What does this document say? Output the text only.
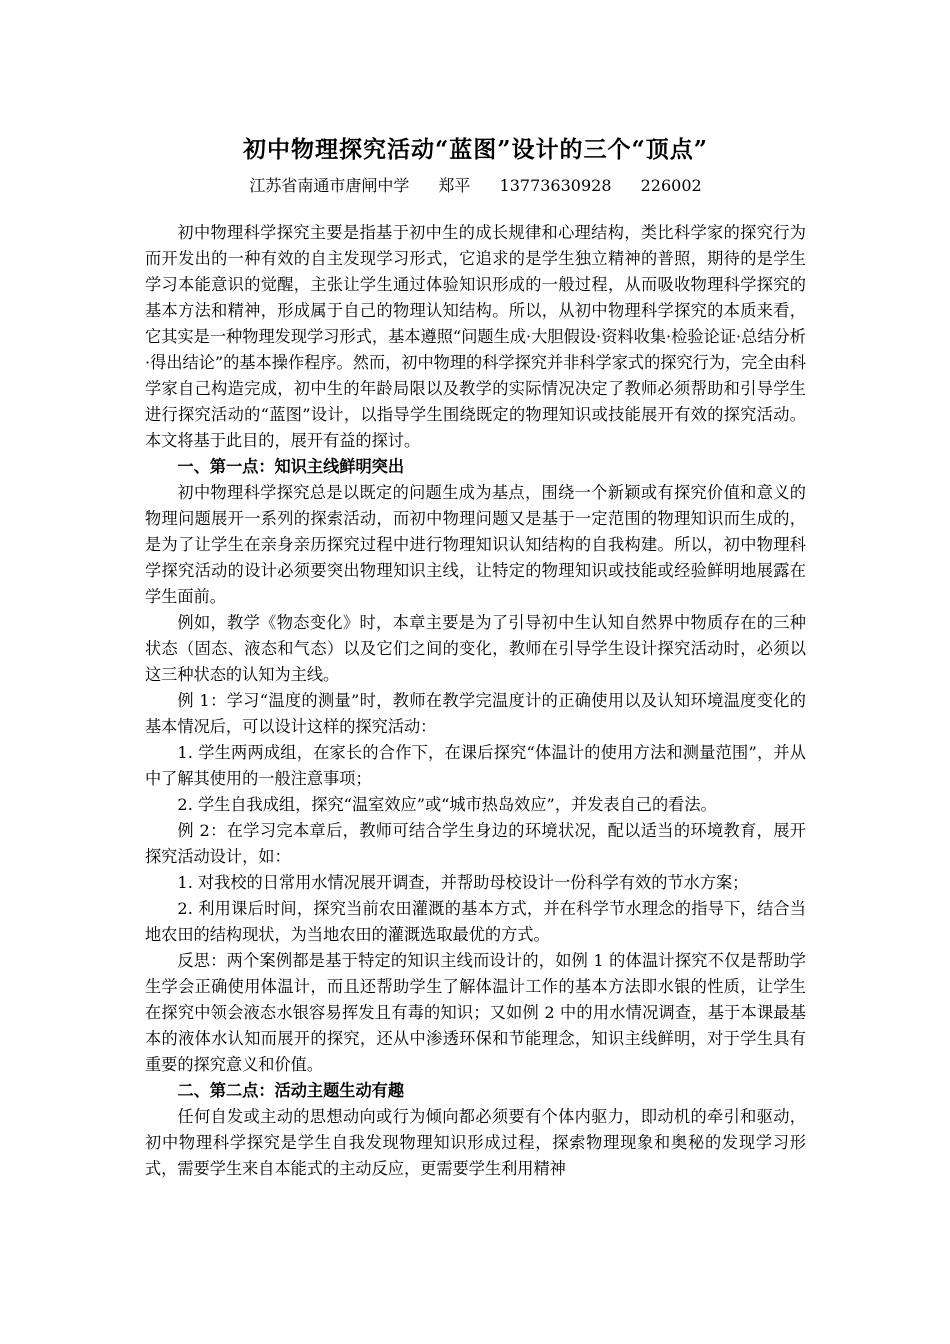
初中物理探究活动“蓝图”设计的三个“顶点”
江苏省南通市唐闸中学 郑平 13773630928 226002

初中物理科学探究主要是指基于初中生的成长规律和心理结构，类比科学家的探究行为而开发出的一种有效的自主发现学习形式，它追求的是学生独立精神的普照，期待的是学生学习本能意识的觉醒，主张让学生通过体验知识形成的一般过程，从而吸收物理科学探究的基本方法和精神，形成属于自己的物理认知结构。所以，从初中物理科学探究的本质来看，它其实是一种物理发现学习形式，基本遵照“问题生成·大胆假设·资料收集·检验论证·总结分析·得出结论”的基本操作程序。然而，初中物理的科学探究并非科学家式的探究行为，完全由科学家自己构造完成，初中生的年龄局限以及教学的实际情况决定了教师必须帮助和引导学生进行探究活动的“蓝图”设计，以指导学生围绕既定的物理知识或技能展开有效的探究活动。本文将基于此目的，展开有益的探讨。

一、第一点：知识主线鲜明突出

初中物理科学探究总是以既定的问题生成为基点，围绕一个新颖或有探究价值和意义的物理问题展开一系列的探索活动，而初中物理问题又是基于一定范围的物理知识而生成的，是为了让学生在亲身亲历探究过程中进行物理知识认知结构的自我构建。所以，初中物理科学探究活动的设计必须要突出物理知识主线，让特定的物理知识或技能或经验鲜明地展露在学生面前。

例如，教学《物态变化》时，本章主要是为了引导初中生认知自然界中物质存在的三种状态（固态、液态和气态）以及它们之间的变化，教师在引导学生设计探究活动时，必须以这三种状态的认知为主线。

例 1：学习“温度的测量”时，教师在教学完温度计的正确使用以及认知环境温度变化的基本情况后，可以设计这样的探究活动：

1. 学生两两成组，在家长的合作下，在课后探究“体温计的使用方法和测量范围”，并从中了解其使用的一般注意事项；

2. 学生自我成组，探究“温室效应”或“城市热岛效应”，并发表自己的看法。

例 2：在学习完本章后，教师可结合学生身边的环境状况，配以适当的环境教育，展开探究活动设计，如：

1. 对我校的日常用水情况展开调查，并帮助母校设计一份科学有效的节水方案；

2. 利用课后时间，探究当前农田灌溉的基本方式，并在科学节水理念的指导下，结合当地农田的结构现状，为当地农田的灌溉选取最优的方式。

反思：两个案例都是基于特定的知识主线而设计的，如例 1 的体温计探究不仅是帮助学生学会正确使用体温计，而且还帮助学生了解体温计工作的基本方法即水银的性质，让学生在探究中领会液态水银容易挥发且有毒的知识；又如例 2 中的用水情况调查，基于本课最基本的液体水认知而展开的探究，还从中渗透环保和节能理念，知识主线鲜明，对于学生具有重要的探究意义和价值。

二、第二点：活动主题生动有趣

任何自发或主动的思想动向或行为倾向都必须要有个体内驱力，即动机的牵引和驱动，初中物理科学探究是学生自我发现物理知识形成过程，探索物理现象和奥秘的发现学习形式，需要学生来自本能式的主动反应，更需要学生利用精神
